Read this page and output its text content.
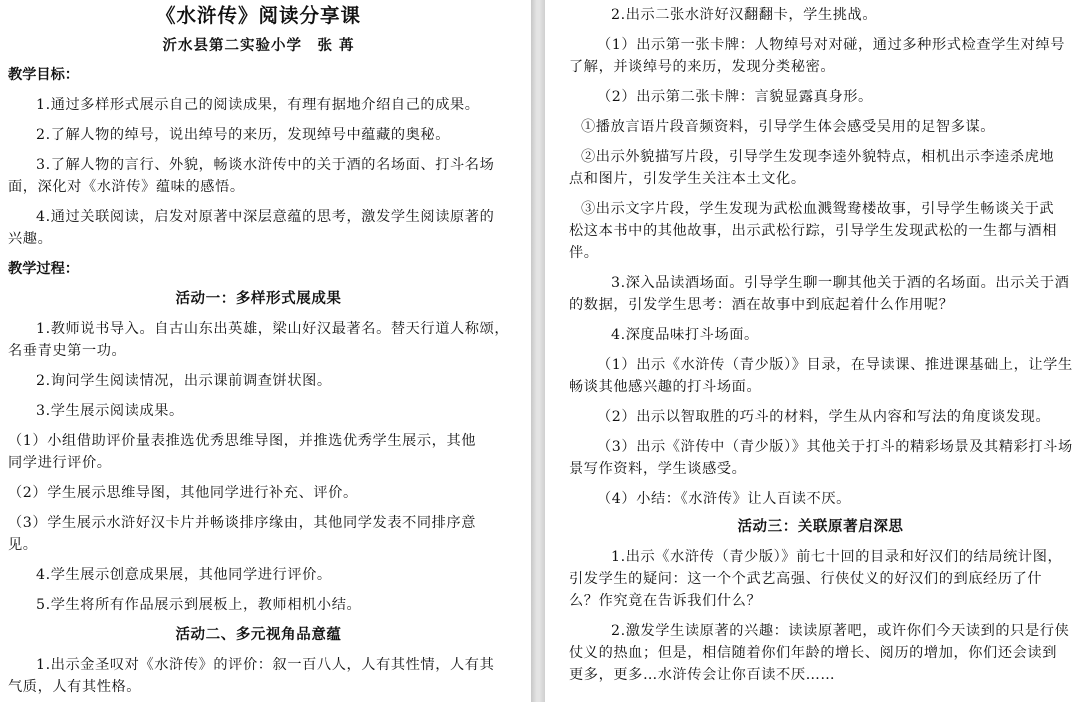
《水浒传》阅读分享课

沂水县第二实验小学　张 苒

教学目标：

1.通过多样形式展示自己的阅读成果，有理有据地介绍自己的成果。

2.了解人物的绰号，说出绰号的来历，发现绰号中蕴藏的奥秘。

3.了解人物的言行、外貌，畅谈水浒传中的关于酒的名场面、打斗名场

面，深化对《水浒传》蕴味的感悟。

4.通过关联阅读，启发对原著中深层意蕴的思考，激发学生阅读原著的

兴趣。

教学过程：

活动一：多样形式展成果

1.教师说书导入。自古山东出英雄，梁山好汉最著名。替天行道人称颂，

名垂青史第一功。

2.询问学生阅读情况，出示课前调查饼状图。

3.学生展示阅读成果。

（1）小组借助评价量表推选优秀思维导图，并推选优秀学生展示，其他

同学进行评价。

（2）学生展示思维导图，其他同学进行补充、评价。

（3）学生展示水浒好汉卡片并畅谈排序缘由，其他同学发表不同排序意

见。

4.学生展示创意成果展，其他同学进行评价。

5.学生将所有作品展示到展板上，教师相机小结。

活动二、多元视角品意蕴

1.出示金圣叹对《水浒传》的评价：叙一百八人，人有其性情，人有其

气质，人有其性格。

2.出示二张水浒好汉翻翻卡，学生挑战。

（1）出示第一张卡牌：人物绰号对对碰，通过多种形式检查学生对绰号

了解，并谈绰号的来历，发现分类秘密。

（2）出示第二张卡牌：言貌显露真身形。

①播放言语片段音频资料，引导学生体会感受吴用的足智多谋。

②出示外貌描写片段，引导学生发现李逵外貌特点，相机出示李逵杀虎地

点和图片，引发学生关注本土文化。

③出示文字片段，学生发现为武松血溅鸳鸯楼故事，引导学生畅谈关于武

松这本书中的其他故事，出示武松行踪，引导学生发现武松的一生都与酒相

伴。

3.深入品读酒场面。引导学生聊一聊其他关于酒的名场面。出示关于酒

的数据，引发学生思考：酒在故事中到底起着什么作用呢？

4.深度品味打斗场面。

（1）出示《水浒传（青少版）》目录，在导读课、推进课基础上，让学生

畅谈其他感兴趣的打斗场面。

（2）出示以智取胜的巧斗的材料，学生从内容和写法的角度谈发现。

（3）出示《浒传中（青少版）》其他关于打斗的精彩场景及其精彩打斗场

景写作资料，学生谈感受。

（4）小结：《水浒传》让人百读不厌。

活动三：关联原著启深思

1.出示《水浒传（青少版）》前七十回的目录和好汉们的结局统计图，

引发学生的疑问：这一个个武艺高强、行侠仗义的好汉们的到底经历了什

么？作究竟在告诉我们什么？

2.激发学生读原著的兴趣：读读原著吧，或许你们今天读到的只是行侠

仗义的热血；但是，相信随着你们年龄的增长、阅历的增加，你们还会读到

更多，更多…水浒传会让你百读不厌……
